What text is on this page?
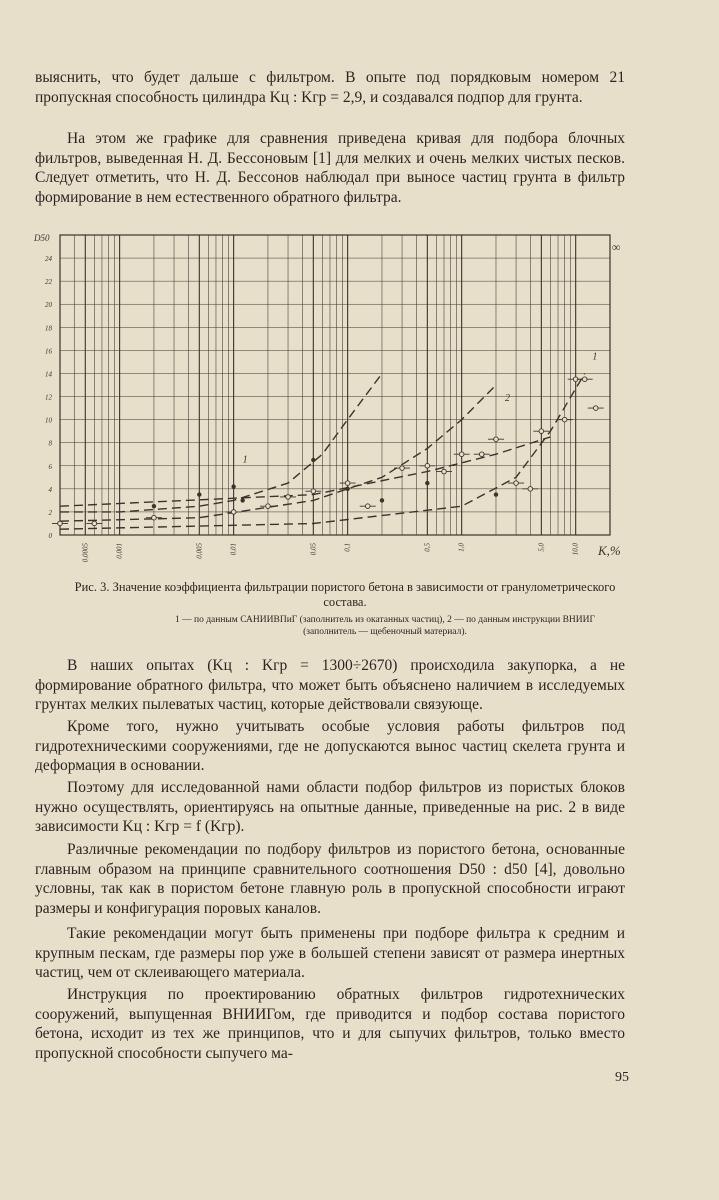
выяснить, что будет дальше с фильтром. В опыте под порядковым номером 21 пропускная способность цилиндра Kц : Kгр = 2,9, и создавался подпор для грунта.

На этом же графике для сравнения приведена кривая для подбора блочных фильтров, выведенная Н. Д. Бессоновым [1] для мелких и очень мелких чистых песков. Следует отметить, что Н. Д. Бессонов наблюдал при выносе частиц грунта в фильтр формирование в нем естественного обратного фильтра.

0
2
4
6
8
10
12
14
16
18
20
22
24
D50
0,0005	0,001	0,005	0,01	0,05	0,1	0,5	1,0	5,0	10,0 K,%
∞
1
2
1
Рис. 3. Значение коэффициента фильтрации пористого бетона в зависимости от гранулометрического состава.
1 — по данным САНИИВПиГ (заполнитель из окатанных частиц), 2 — по данным инструкции ВНИИГ (заполнитель — щебеночный материал).

В наших опытах (Kц : Kгр = 1300÷2670) происходила закупорка, а не формирование обратного фильтра, что может быть объяснено наличием в исследуемых грунтах мелких пылеватых частиц, которые действовали связующе.

Кроме того, нужно учитывать особые условия работы фильтров под гидротехническими сооружениями, где не допускаются вынос частиц скелета грунта и деформация в основании.

Поэтому для исследованной нами области подбор фильтров из пористых блоков нужно осуществлять, ориентируясь на опытные данные, приведенные на рис. 2 в виде зависимости Kц : Kгр = f (Kгр).

Различные рекомендации по подбору фильтров из пористого бетона, основанные главным образом на принципе сравнительного соотношения D50 : d50 [4], довольно условны, так как в пористом бетоне главную роль в пропускной способности играют размеры и конфигурация поровых каналов.

Такие рекомендации могут быть применены при подборе фильтра к средним и крупным пескам, где размеры пор уже в большей степени зависят от размера инертных частиц, чем от склеивающего материала.

Инструкция по проектированию обратных фильтров гидротехнических сооружений, выпущенная ВНИИГом, где приводится и подбор состава пористого бетона, исходит из тех же принципов, что и для сыпучих фильтров, только вместо пропускной способности сыпучего ма-

95
